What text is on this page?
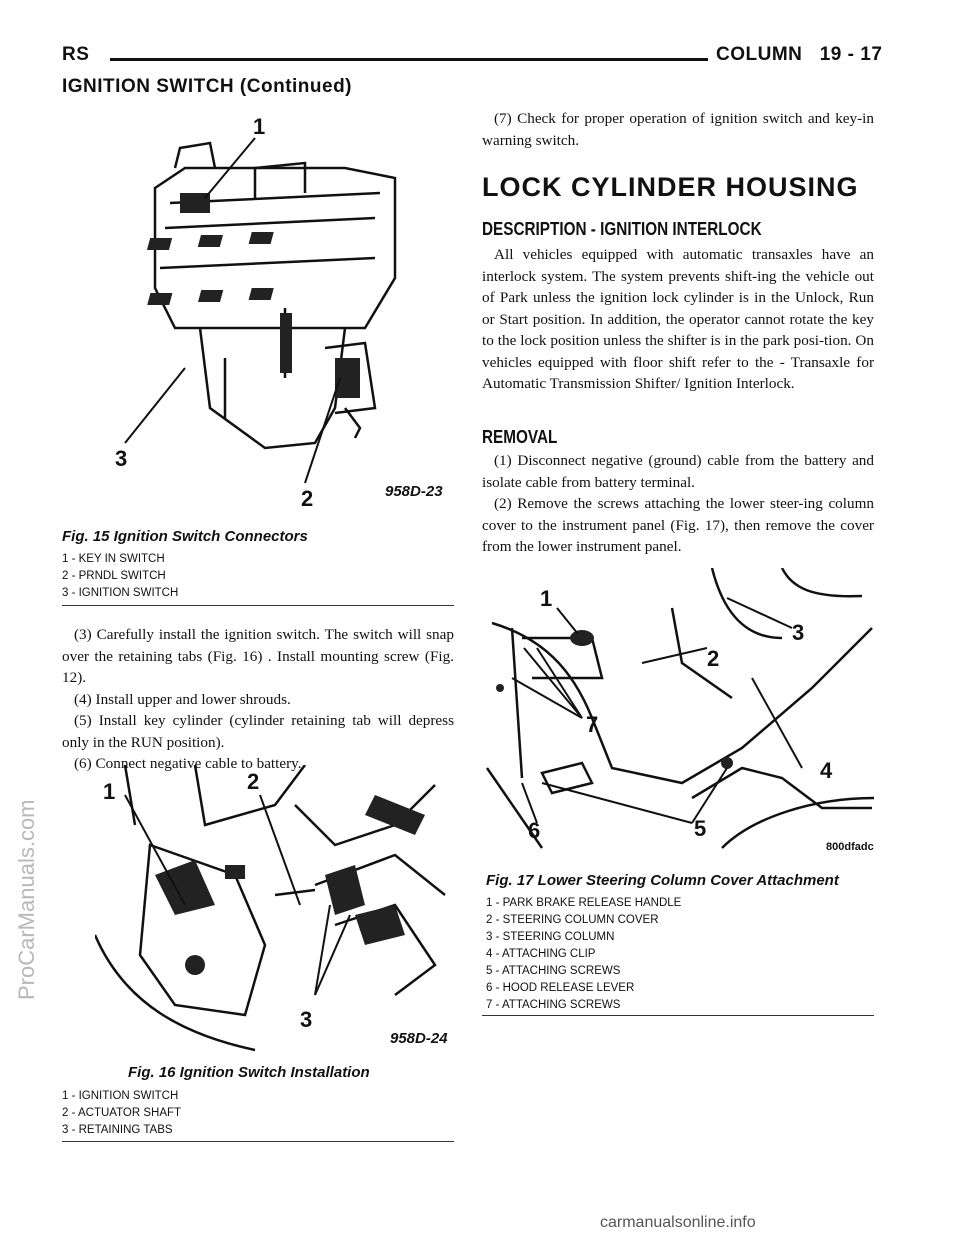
RS	COLUMN 19 - 17
IGNITION SWITCH (Continued)
1
2
3
958D-23
Fig. 15 Ignition Switch Connectors
1 - KEY IN SWITCH
2 - PRNDL SWITCH
3 - IGNITION SWITCH
(3) Carefully install the ignition switch. The switch will snap over the retaining tabs (Fig. 16) . Install mounting screw (Fig. 12).
(4) Install upper and lower shrouds.
(5) Install key cylinder (cylinder retaining tab will depress only in the RUN position).
(6) Connect negative cable to battery.
1	2
3
958D-24
Fig. 16 Ignition Switch Installation
1 - IGNITION SWITCH
2 - ACTUATOR SHAFT
3 - RETAINING TABS
(7) Check for proper operation of ignition switch and key-in warning switch.
LOCK CYLINDER HOUSING
DESCRIPTION - IGNITION INTERLOCK
All vehicles equipped with automatic transaxles have an interlock system. The system prevents shift-ing the vehicle out of Park unless the ignition lock cylinder is in the Unlock, Run or Start position. In addition, the operator cannot rotate the key to the lock position unless the shifter is in the park posi-tion. On vehicles equipped with floor shift refer to the - Transaxle for Automatic Transmission Shifter/ Ignition Interlock.
REMOVAL
(1) Disconnect negative (ground) cable from the battery and isolate cable from battery terminal.
(2) Remove the screws attaching the lower steer-ing column cover to the instrument panel (Fig. 17), then remove the cover from the lower instrument panel.
1
2
3
4
5
6
7
800dfadc
Fig. 17 Lower Steering Column Cover Attachment
1 - PARK BRAKE RELEASE HANDLE
2 - STEERING COLUMN COVER
3 - STEERING COLUMN
4 - ATTACHING CLIP
5 - ATTACHING SCREWS
6 - HOOD RELEASE LEVER
7 - ATTACHING SCREWS
ProCarManuals.com
carmanualsonline.info
